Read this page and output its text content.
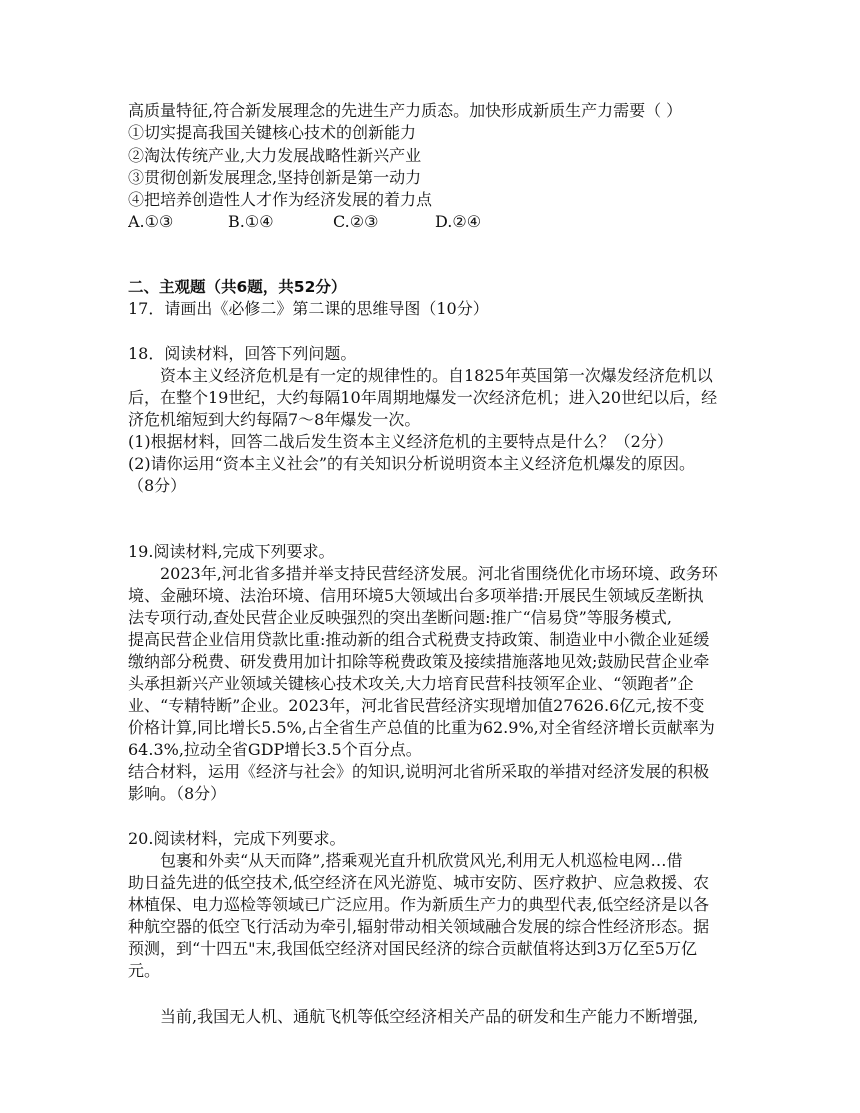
高质量特征,符合新发展理念的先进生产力质态。加快形成新质生产力需要（ ）
①切实提高我国关键核心技术的创新能力
②淘汰传统产业,大力发展战略性新兴产业
③贯彻创新发展理念,坚持创新是第一动力
④把培养创造性人才作为经济发展的着力点
A.①③	B.①④	C.②③	D.②④
二、主观题（共6题，共52分）
17．请画出《必修二》第二课的思维导图（10分）
18．阅读材料，回答下列问题。
资本主义经济危机是有一定的规律性的。自1825年英国第一次爆发经济危机以
后，在整个19世纪，大约每隔10年周期地爆发一次经济危机；进入20世纪以后，经
济危机缩短到大约每隔7～8年爆发一次。
(1)根据材料，回答二战后发生资本主义经济危机的主要特点是什么？（2分）
(2)请你运用“资本主义社会”的有关知识分析说明资本主义经济危机爆发的原因。
（8分）
19.阅读材料,完成下列要求。
2023年,河北省多措并举支持民营经济发展。河北省围绕优化市场环境、政务环
境、金融环境、法治环境、信用环境5大领域出台多项举措:开展民生领域反垄断执
法专项行动,查处民营企业反映强烈的突出垄断问题:推广“信易贷”等服务模式,
提高民营企业信用贷款比重:推动新的组合式税费支持政策、制造业中小微企业延缓
缴纳部分税费、研发费用加计扣除等税费政策及接续措施落地见效;鼓励民营企业牵
头承担新兴产业领域关键核心技术攻关,大力培育民营科技领军企业、“领跑者”企
业、“专精特断”企业。2023年，河北省民营经济实现增加值27626.6亿元,按不变
价格计算,同比增长5.5%,占全省生产总值的比重为62.9%,对全省经济增长贡献率为
64.3%,拉动全省GDP增长3.5个百分点。
结合材料，运用《经济与社会》的知识,说明河北省所采取的举措对经济发展的积极
影响。（8分）
20.阅读材料，完成下列要求。
包裹和外卖“从天而降”,搭乘观光直升机欣赏风光,利用无人机巡检电网…借
助日益先进的低空技术,低空经济在风光游览、城市安防、医疗救护、应急救援、农
林植保、电力巡检等领域已广泛应用。作为新质生产力的典型代表,低空经济是以各
种航空器的低空飞行活动为牵引,辐射带动相关领域融合发展的综合性经济形态。据
预测，到“十四五"末,我国低空经济对国民经济的综合贡献值将达到3万亿至5万亿
元。
当前,我国无人机、通航飞机等低空经济相关产品的研发和生产能力不断增强,
